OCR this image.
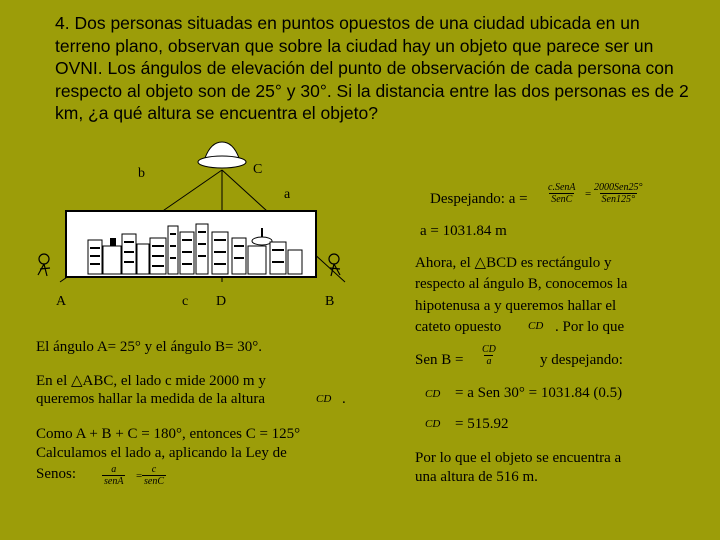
4. Dos personas situadas en puntos opuestos de una ciudad ubicada en un terreno plano, observan que sobre la ciudad hay un objeto que parece ser un OVNI. Los ángulos de elevación del punto de observación de cada persona con respecto al objeto son de 25° y 30°. Si la distancia entre las dos personas es de 2 km, ¿a qué altura se encuentra el objeto?
b	C
a
A	c D	B
El ángulo A= 25° y el ángulo B= 30°.
En el △ABC, el lado c mide 2000 m y
queremos hallar la medida de la altura	CD .
Como A + B + C = 180°, entonces C = 125°
Calculamos el lado a, aplicando la Ley de
Senos:	a
senA =
c
senC
Despejando: a =
c.SenA
SenC =
2000Sen25°
Sen125°
a = 1031.84 m
Ahora, el △BCD es rectángulo y
respecto al ángulo B, conocemos la
hipotenusa a y queremos hallar el
cateto opuesto CD . Por lo que
Sen $B = \frac{CD}{a}$	y despejando:
CD = a Sen 30° = 1031.84 (0.5)
CD = 515.92
Por lo que el objeto se encuentra a
una altura de 516 m.
